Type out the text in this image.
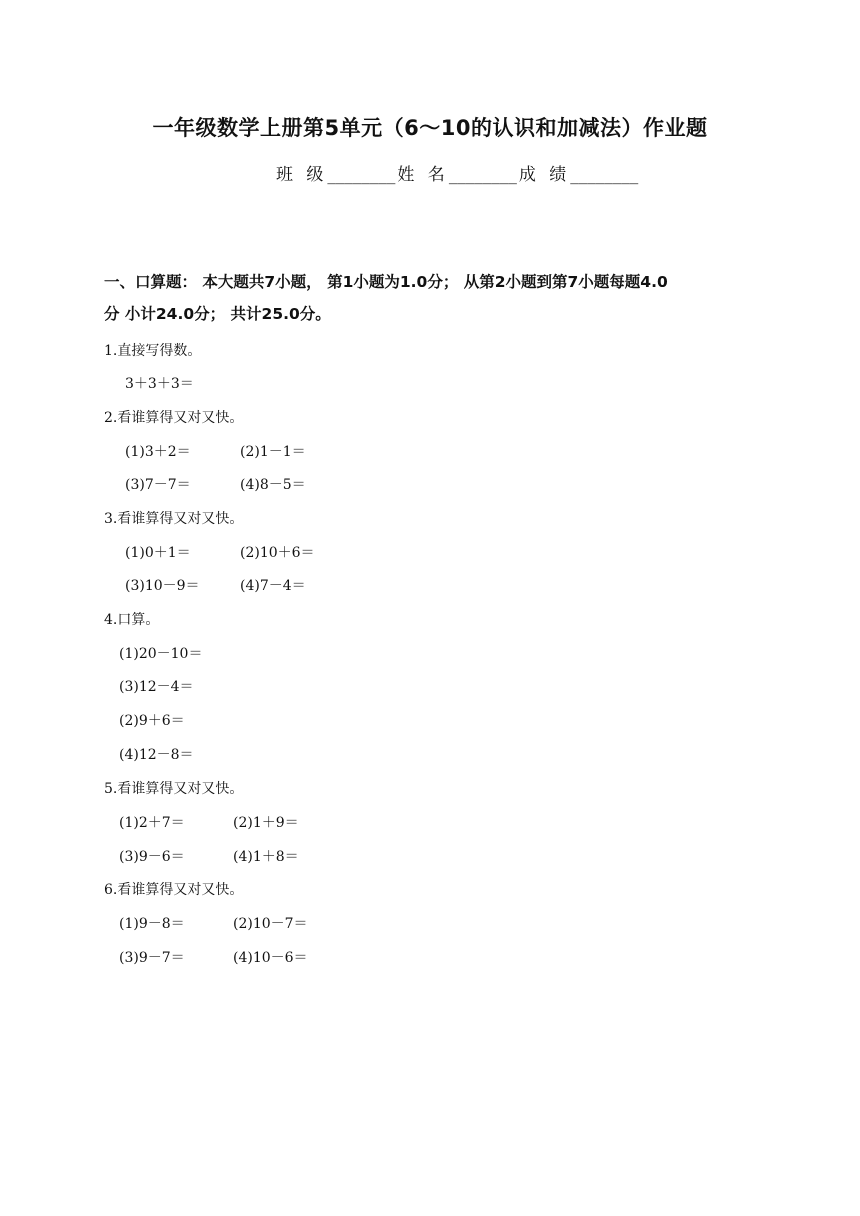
一年级数学上册第5单元（6～10的认识和加减法）作业题
班 级________ 姓 名________ 成 绩________
一、口算题： 本大题共7小题， 第1小题为1.0分； 从第2小题到第7小题每题4.0
分 小计24.0分； 共计25.0分。
1.直接写得数。
3＋3＋3＝
2.看谁算得又对又快。
(1)3＋2＝	(2)1－1＝
(3)7－7＝	(4)8－5＝
3.看谁算得又对又快。
(1)0＋1＝	(2)10＋6＝
(3)10－9＝	(4)7－4＝
4.口算。
(1)20－10＝
(3)12－4＝
(2)9＋6＝
(4)12－8＝
5.看谁算得又对又快。
(1)2＋7＝	(2)1＋9＝
(3)9－6＝	(4)1＋8＝
6.看谁算得又对又快。
(1)9－8＝	(2)10－7＝
(3)9－7＝	(4)10－6＝
